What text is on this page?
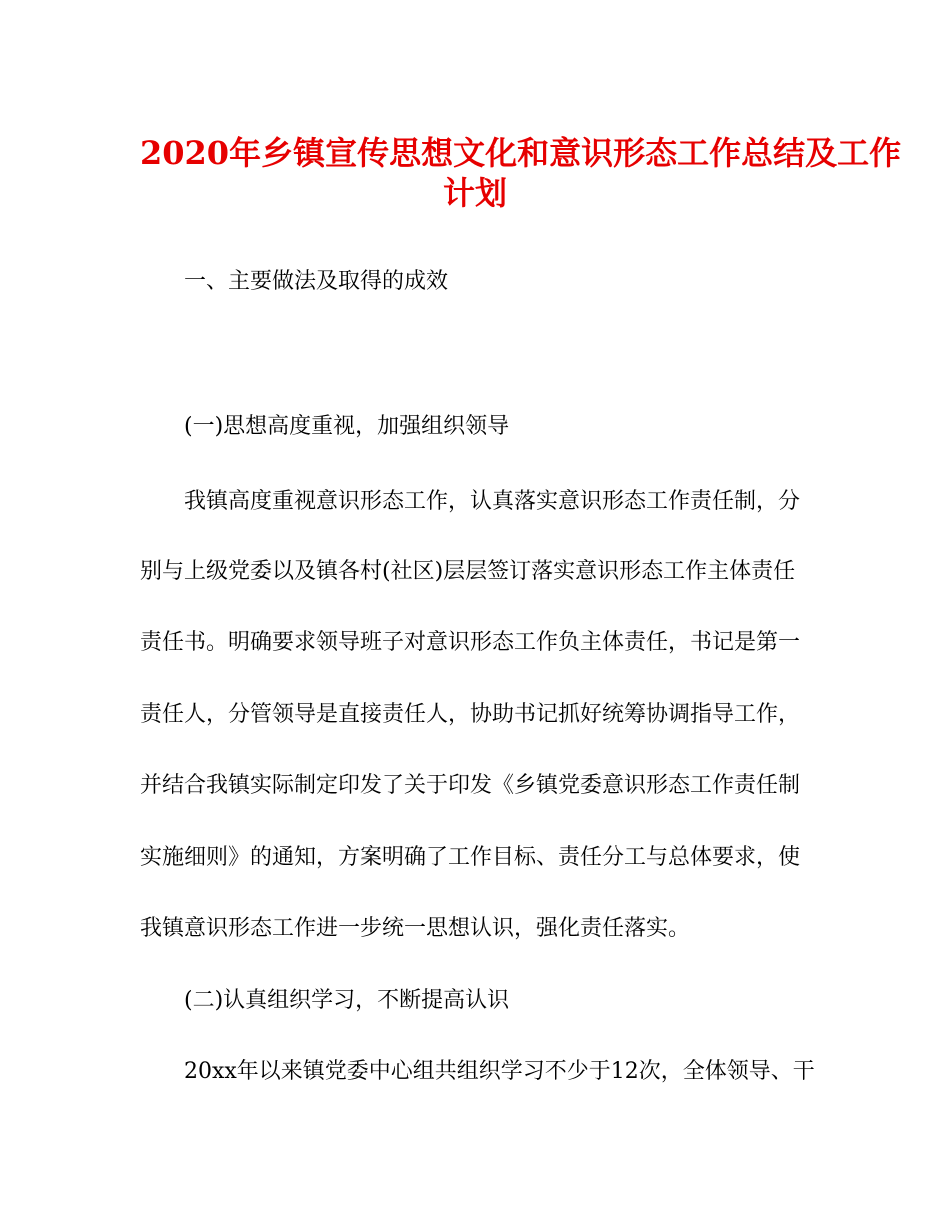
2020年乡镇宣传思想文化和意识形态工作总结及工作
计划
一、主要做法及取得的成效
(一)思想高度重视，加强组织领导
我镇高度重视意识形态工作，认真落实意识形态工作责任制，分
别与上级党委以及镇各村(社区)层层签订落实意识形态工作主体责任
责任书。明确要求领导班子对意识形态工作负主体责任，书记是第一
责任人，分管领导是直接责任人，协助书记抓好统筹协调指导工作，
并结合我镇实际制定印发了关于印发《乡镇党委意识形态工作责任制
实施细则》的通知，方案明确了工作目标、责任分工与总体要求，使
我镇意识形态工作进一步统一思想认识，强化责任落实。
(二)认真组织学习，不断提高认识
20xx年以来镇党委中心组共组织学习不少于12次，全体领导、干
